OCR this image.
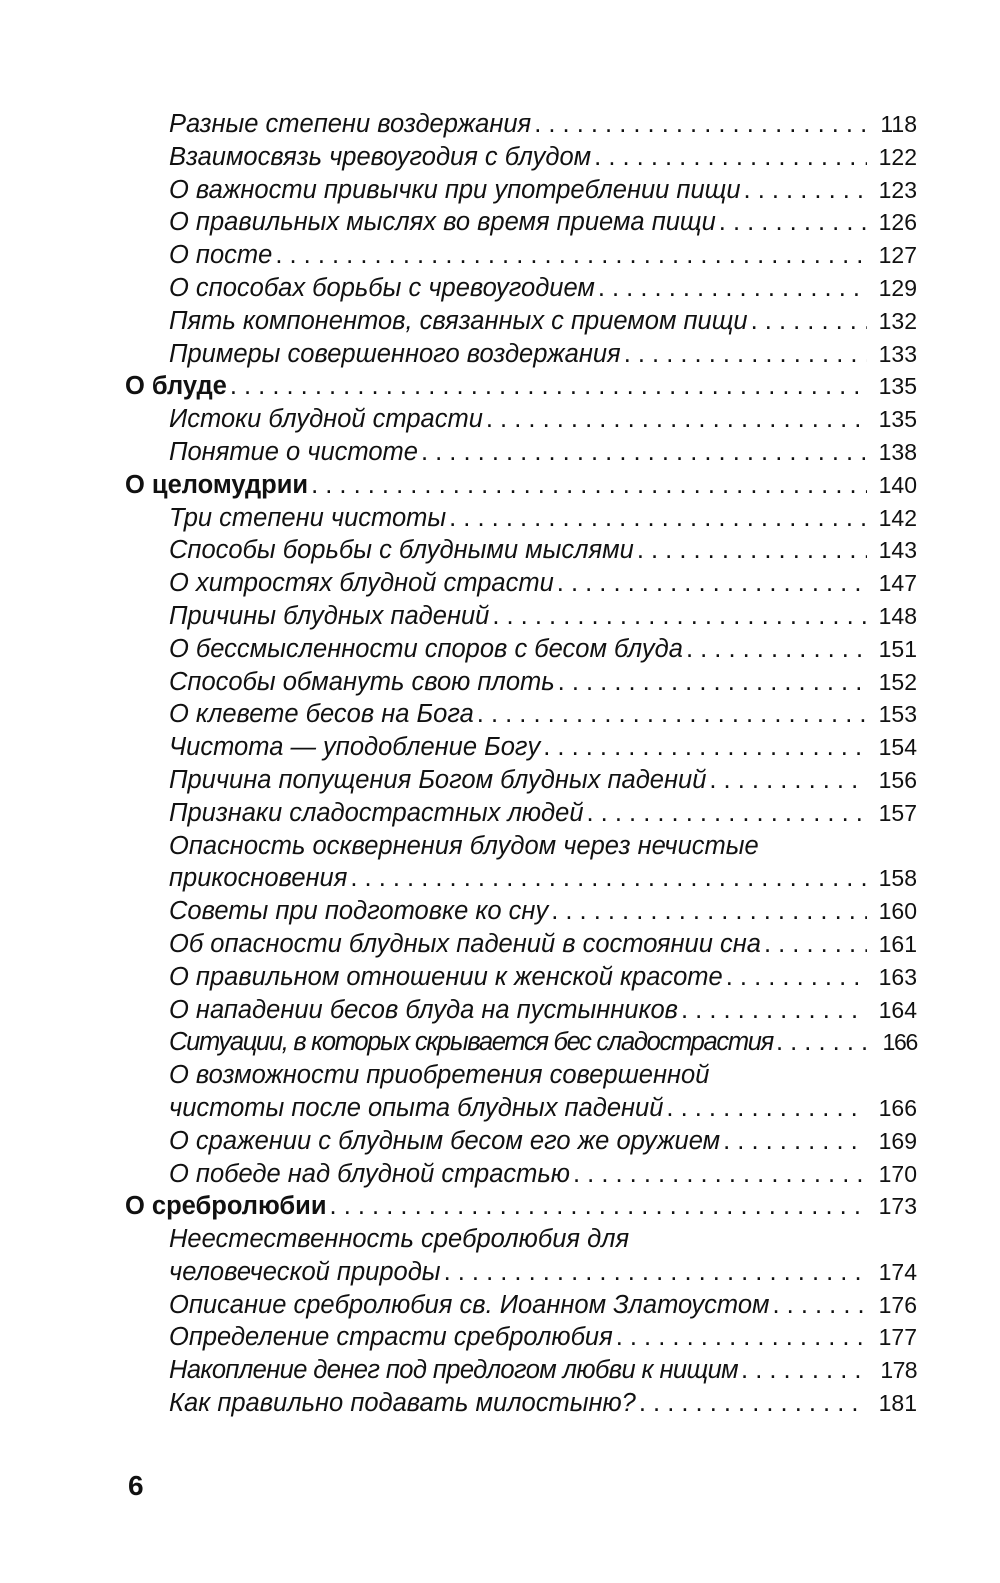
Разные степени воздержания . . .	118
Взаимосвязь чревоугодия с блудом . . .	122
О важности привычки при употреблении пищи . . .	123
О правильных мыслях во время приема пищи . . .	126
О посте . . .	127
О способах борьбы с чревоугодием . . .	129
Пять компонентов, связанных с приемом пищи . . .	132
Примеры совершенного воздержания . . .	133
О блуде . . .	135
Истоки блудной страсти . . .	135
Понятие о чистоте . . .	138
О целомудрии . . .	140
Три степени чистоты . . .	142
Способы борьбы с блудными мыслями . . .	143
О хитростях блудной страсти . . .	147
Причины блудных падений . . .	148
О бессмысленности споров с бесом блуда . . .	151
Способы обмануть свою плоть . . .	152
О клевете бесов на Бога . . .	153
Чистота — уподобление Богу . . .	154
Причина попущения Богом блудных падений . . .	156
Признаки сладострастных людей . . .	157
Опасность осквернения блудом через нечистые
прикосновения . . .	158
Советы при подготовке ко сну . . .	160
Об опасности блудных падений в состоянии сна . . .	161
О правильном отношении к женской красоте . . .	163
О нападении бесов блуда на пустынников . . .	164
Ситуации, в которых скрывается бес сладострастия . . .	166
О возможности приобретения совершенной
чистоты после опыта блудных падений . . .	166
О сражении с блудным бесом его же оружием . . .	169
О победе над блудной страстью . . .	170
О сребролюбии . . .	173
Неестественность сребролюбия для
человеческой природы . . .	174
Описание сребролюбия св. Иоанном Златоустом . . .	176
Определение страсти сребролюбия . . .	177
Накопление денег под предлогом любви к нищим . . .	178
Как правильно подавать милостыню? . . .	181
6
